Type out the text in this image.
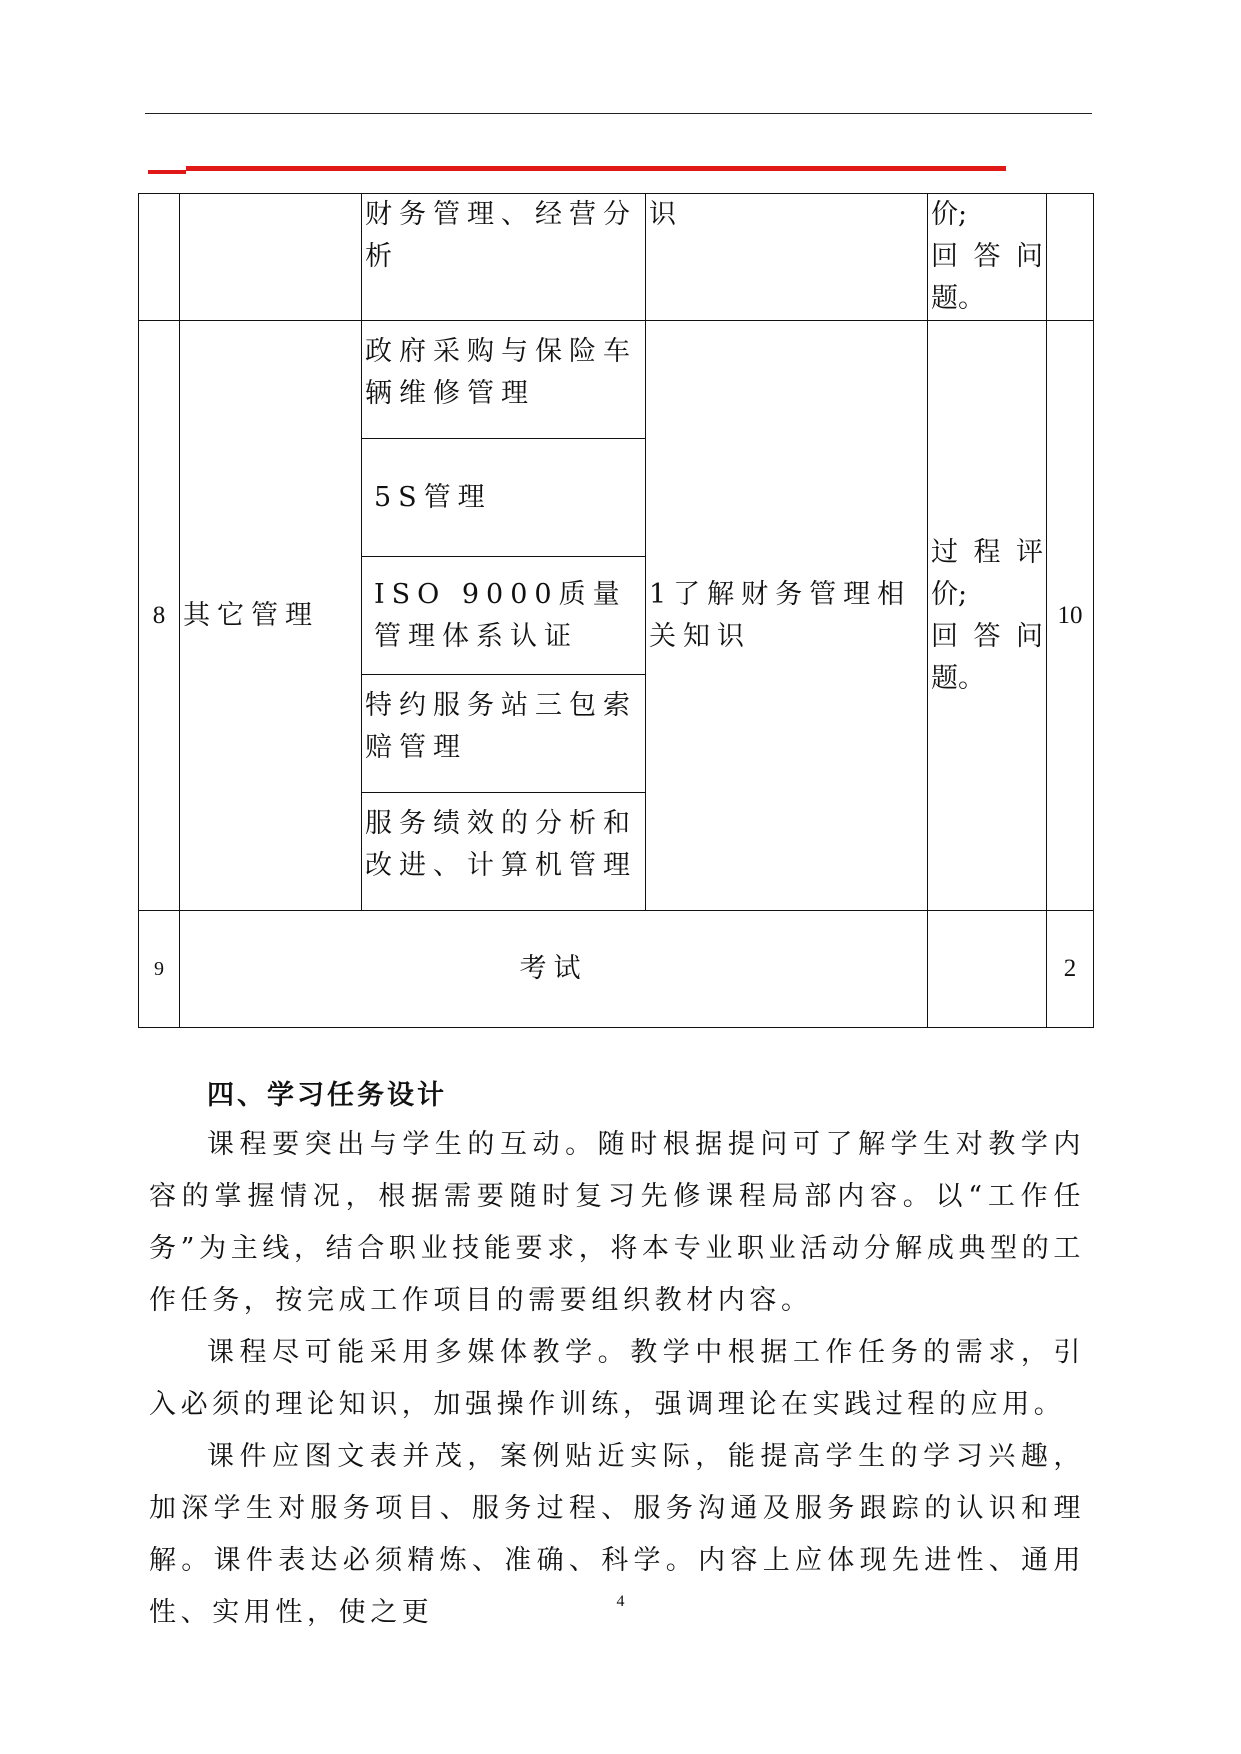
		财务管理、经营分析	识	价;
回答问
题。	

8	其它管理	政府采购与保险车辆维修管理	1了解财务管理相关知识	过程评
价;
回答问
题。	10
		5S管理			
		ISO 9000质量管理体系认证			
		特约服务站三包索赔管理			
		服务绩效的分析和改进、计算机管理			
9	考试				2
四、学习任务设计

课程要突出与学生的互动。随时根据提问可了解学生对教学内容的掌握情况，根据需要随时复习先修课程局部内容。以“工作任务”为主线，结合职业技能要求，将本专业职业活动分解成典型的工作任务，按完成工作项目的需要组织教材内容。

课程尽可能采用多媒体教学。教学中根据工作任务的需求，引入必须的理论知识，加强操作训练，强调理论在实践过程的应用。

课件应图文表并茂，案例贴近实际，能提高学生的学习兴趣，加深学生对服务项目、服务过程、服务沟通及服务跟踪的认识和理解。课件表达必须精炼、准确、科学。内容上应体现先进性、通用性、实用性，使之更	4
